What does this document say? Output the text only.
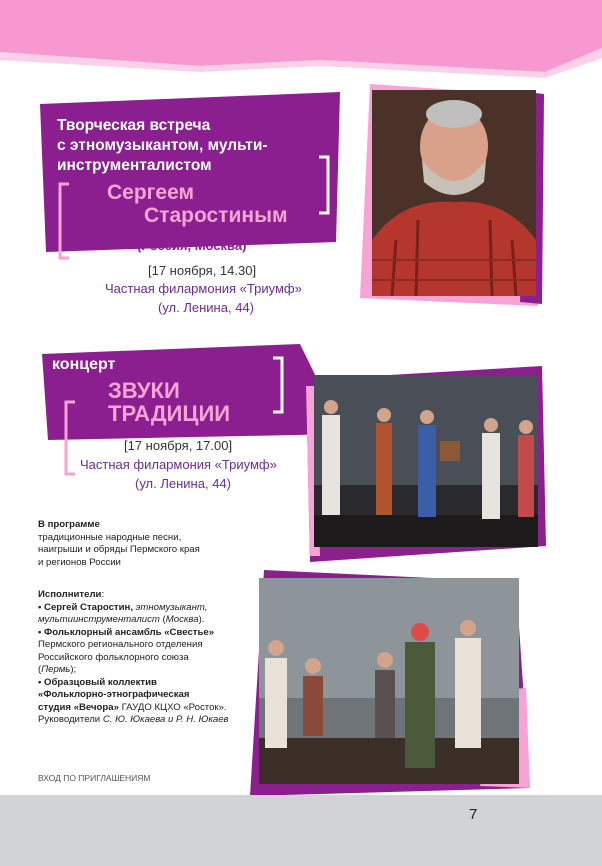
Творческая встреча
с этномузыкантом, мульти-
инструменталистом
Сергеем
Старостиным
(Россия, Москва)
[17 ноября, 14.30]
Частная филармония «Триумф»
(ул. Ленина, 44)
концерт
ЗВУКИ
ТРАДИЦИИ
[17 ноября, 17.00]
Частная филармония «Триумф»
(ул. Ленина, 44)
В программе
традиционные народные песни,
наигрыши и обряды Пермского края
и регионов России
Исполнители:
• Сергей Старостин, этномузыкант,
мультиинструменталист (Москва).
• Фольклорный ансамбль «Свестье»
Пермского регионального отделения
Российского фольклорного союза
(Пермь);
• Образцовый коллектив
«Фольклорно-этнографическая
студия «Вечора» ГАУДО КЦХО «Росток».
Руководители С. Ю. Юкаева и Р. Н. Юкаев
ВХОД ПО ПРИГЛАШЕНИЯМ
7
